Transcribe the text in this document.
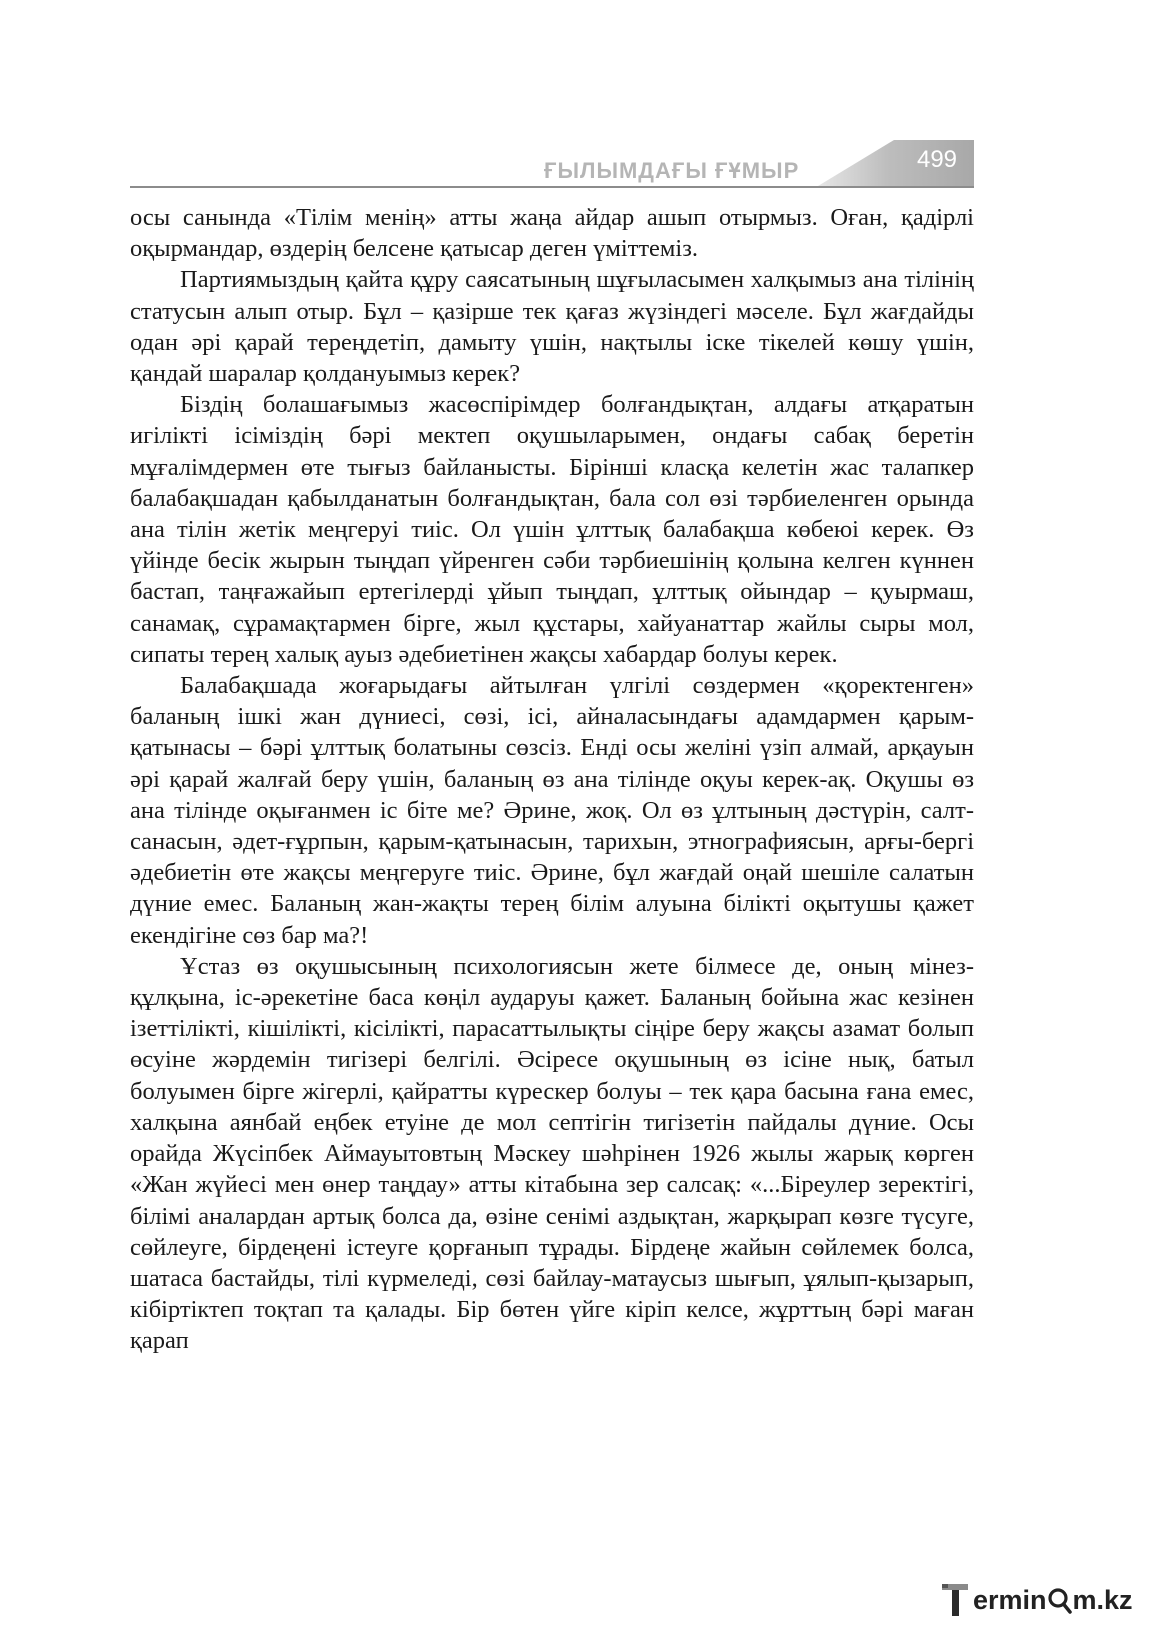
ҒЫЛЫМДАҒЫ ҒҰМЫР	499

осы санында «Тілім менің» атты жаңа айдар ашып отырмыз. Оған, қадірлі оқырмандар, өздерің белсене қатысар деген үміттеміз.

Партиямыздың қайта құру саясатының шұғыласымен халқымыз ана тілінің статусын алып отыр. Бұл – қазірше тек қағаз жүзіндегі мәселе. Бұл жағдайды одан әрі қарай тереңдетіп, дамыту үшін, нақтылы іске тікелей көшу үшін, қандай шаралар қолдануымыз керек?

Біздің болашағымыз жасөспірімдер болғандықтан, алдағы атқаратын игілікті ісіміздің бәрі мектеп оқушыларымен, ондағы сабақ беретін мұғалімдермен өте тығыз байланысты. Бірінші класқа келетін жас талапкер балабақшадан қабылданатын болғандықтан, бала сол өзі тәрбиеленген орында ана тілін жетік меңгеруі тиіс. Ол үшін ұлттық балабақша көбеюі керек. Өз үйінде бесік жырын тыңдап үйренген сәби тәрбиешінің қолына келген күннен бастап, таңғажайып ертегілерді ұйып тыңдап, ұлттық ойындар – қуырмаш, санамақ, сұрамақтармен бірге, жыл құстары, хайуанаттар жайлы сыры мол, сипаты терең халық ауыз әдебиетінен жақсы хабардар болуы керек.

Балабақшада жоғарыдағы айтылған үлгілі сөздермен «қоректенген» баланың ішкі жан дүниесі, сөзі, ісі, айналасындағы адамдармен қарым-қатынасы – бәрі ұлттық болатыны сөзсіз. Енді осы желіні үзіп алмай, арқауын әрі қарай жалғай беру үшін, баланың өз ана тілінде оқуы керек-ақ. Оқушы өз ана тілінде оқығанмен іс біте ме? Әрине, жоқ. Ол өз ұлтының дәстүрін, салт-санасын, әдет-ғұрпын, қарым-қатынасын, тарихын, этнографиясын, арғы-бергі әдебиетін өте жақсы меңгеруге тиіс. Әрине, бұл жағдай оңай шешіле салатын дүние емес. Баланың жан-жақты терең білім алуына білікті оқытушы қажет екендігіне сөз бар ма?!

Ұстаз өз оқушысының психологиясын жете білмесе де, оның мінез-құлқына, іс-әрекетіне баса көңіл аударуы қажет. Баланың бойына жас кезінен ізеттілікті, кішілікті, кісілікті, парасаттылықты сіңіре беру жақсы азамат болып өсуіне жәрдемін тигізері белгілі. Әсіресе оқушының өз ісіне нық, батыл болуымен бірге жігерлі, қайратты күрескер болуы – тек қара басына ғана емес, халқына аянбай еңбек етуіне де мол септігін тигізетін пайдалы дүние. Осы орайда Жүсіпбек Аймауытовтың Мәскеу шәһрінен 1926 жылы жарық көрген «Жан жүйесі мен өнер таңдау» атты кітабына зер салсақ: «...Біреулер зеректігі, білімі аналардан артық болса да, өзіне сенімі аздықтан, жарқырап көзге түсуге, сөйлеуге, бірдеңені істеуге қорғанып тұрады. Бірдеңе жайын сөйлемек болса, шатаса бастайды, тілі күрмеледі, сөзі байлау-матаусыз шығып, ұялып-қызарып, кібіртіктеп тоқтап та қалады. Бір бөтен үйге кіріп келсе, жұрттың бәрі маған қарап

ermin m.kz
